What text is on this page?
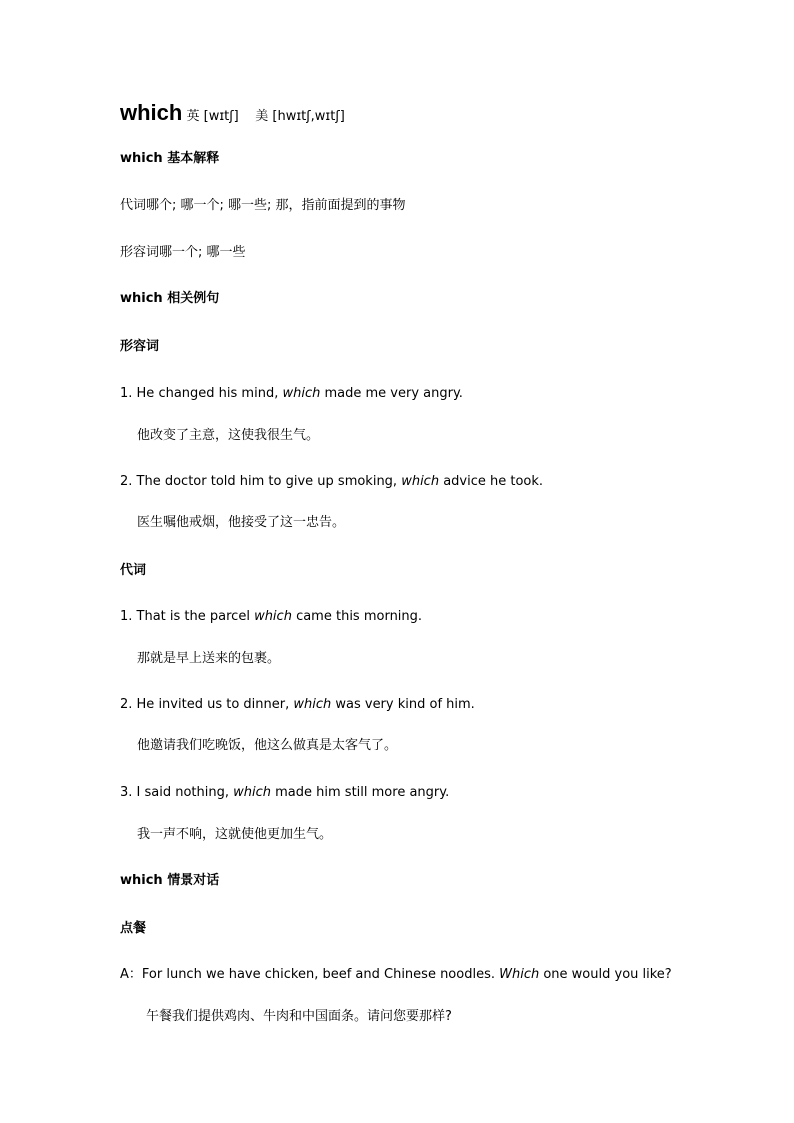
which 英 [wɪtʃ] 美 [hwɪtʃ,wɪtʃ]
which 基本解释
代词哪个; 哪一个; 哪一些; 那，指前面提到的事物
形容词哪一个; 哪一些
which 相关例句
形容词
1. He changed his mind, which made me very angry.
他改变了主意，这使我很生气。
2. The doctor told him to give up smoking, which advice he took.
医生嘱他戒烟，他接受了这一忠告。
代词
1. That is the parcel which came this morning.
那就是早上送来的包裹。
2. He invited us to dinner, which was very kind of him.
他邀请我们吃晚饭，他这么做真是太客气了。
3. I said nothing, which made him still more angry.
我一声不响，这就使他更加生气。
which 情景对话
点餐
A：For lunch we have chicken, beef and Chinese noodles. Which one would you like?
午餐我们提供鸡肉、牛肉和中国面条。请问您要那样?
